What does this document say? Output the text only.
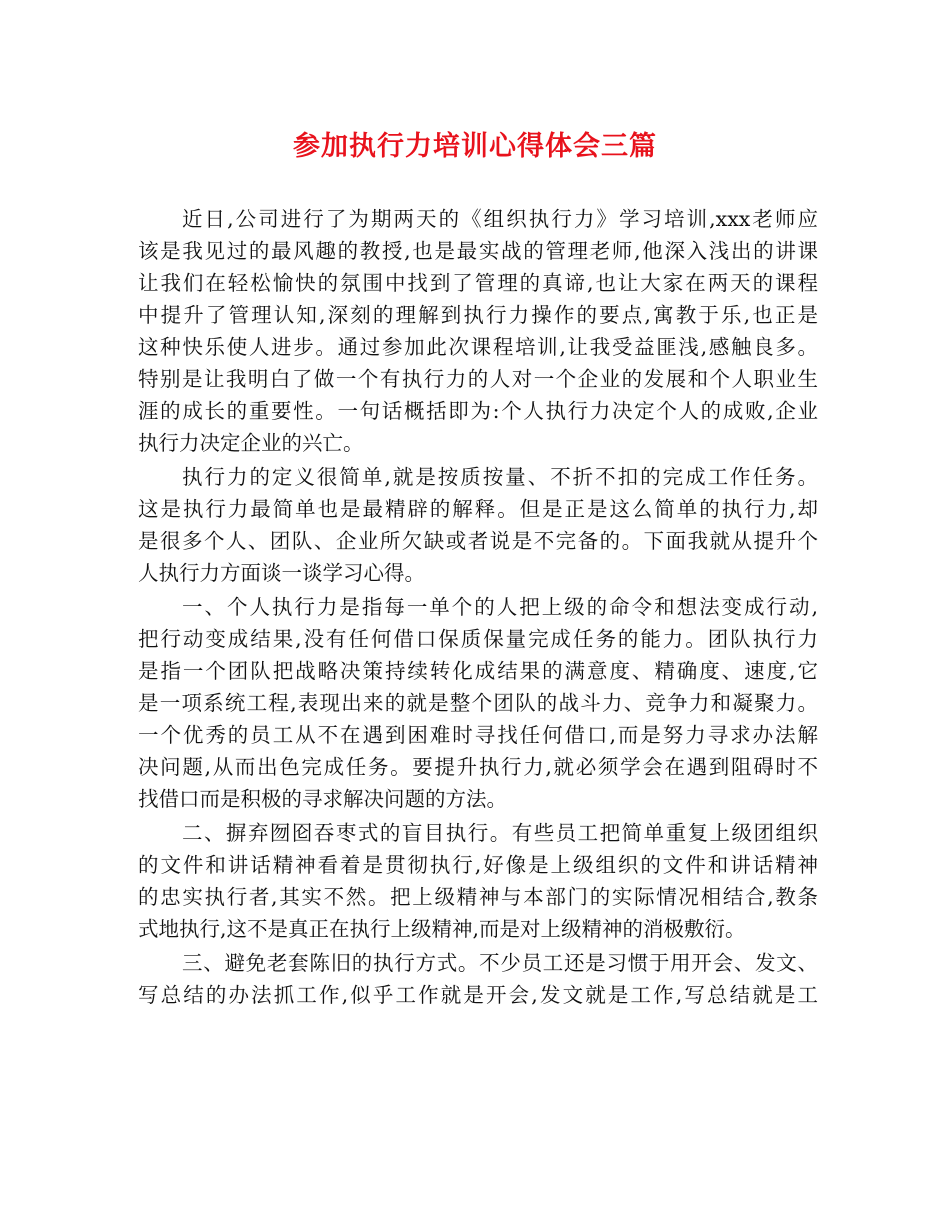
参加执行力培训心得体会三篇

近日,公司进行了为期两天的《组织执行力》学习培训,xxx老师应

该是我见过的最风趣的教授,也是最实战的管理老师,他深入浅出的讲课

让我们在轻松愉快的氛围中找到了管理的真谛,也让大家在两天的课程

中提升了管理认知,深刻的理解到执行力操作的要点,寓教于乐,也正是

这种快乐使人进步。通过参加此次课程培训,让我受益匪浅,感触良多。

特别是让我明白了做一个有执行力的人对一个企业的发展和个人职业生

涯的成长的重要性。一句话概括即为:个人执行力决定个人的成败,企业

执行力决定企业的兴亡。

执行力的定义很简单,就是按质按量、不折不扣的完成工作任务。

这是执行力最简单也是最精辟的解释。但是正是这么简单的执行力,却

是很多个人、团队、企业所欠缺或者说是不完备的。下面我就从提升个

人执行力方面谈一谈学习心得。

一、个人执行力是指每一单个的人把上级的命令和想法变成行动,

把行动变成结果,没有任何借口保质保量完成任务的能力。团队执行力

是指一个团队把战略决策持续转化成结果的满意度、精确度、速度,它

是一项系统工程,表现出来的就是整个团队的战斗力、竞争力和凝聚力。

一个优秀的员工从不在遇到困难时寻找任何借口,而是努力寻求办法解

决问题,从而出色完成任务。要提升执行力,就必须学会在遇到阻碍时不

找借口而是积极的寻求解决问题的方法。

二、摒弃囫囵吞枣式的盲目执行。有些员工把简单重复上级团组织

的文件和讲话精神看着是贯彻执行,好像是上级组织的文件和讲话精神

的忠实执行者,其实不然。把上级精神与本部门的实际情况相结合,教条

式地执行,这不是真正在执行上级精神,而是对上级精神的消极敷衍。

三、避免老套陈旧的执行方式。不少员工还是习惯于用开会、发文、

写总结的办法抓工作,似乎工作就是开会,发文就是工作,写总结就是工
